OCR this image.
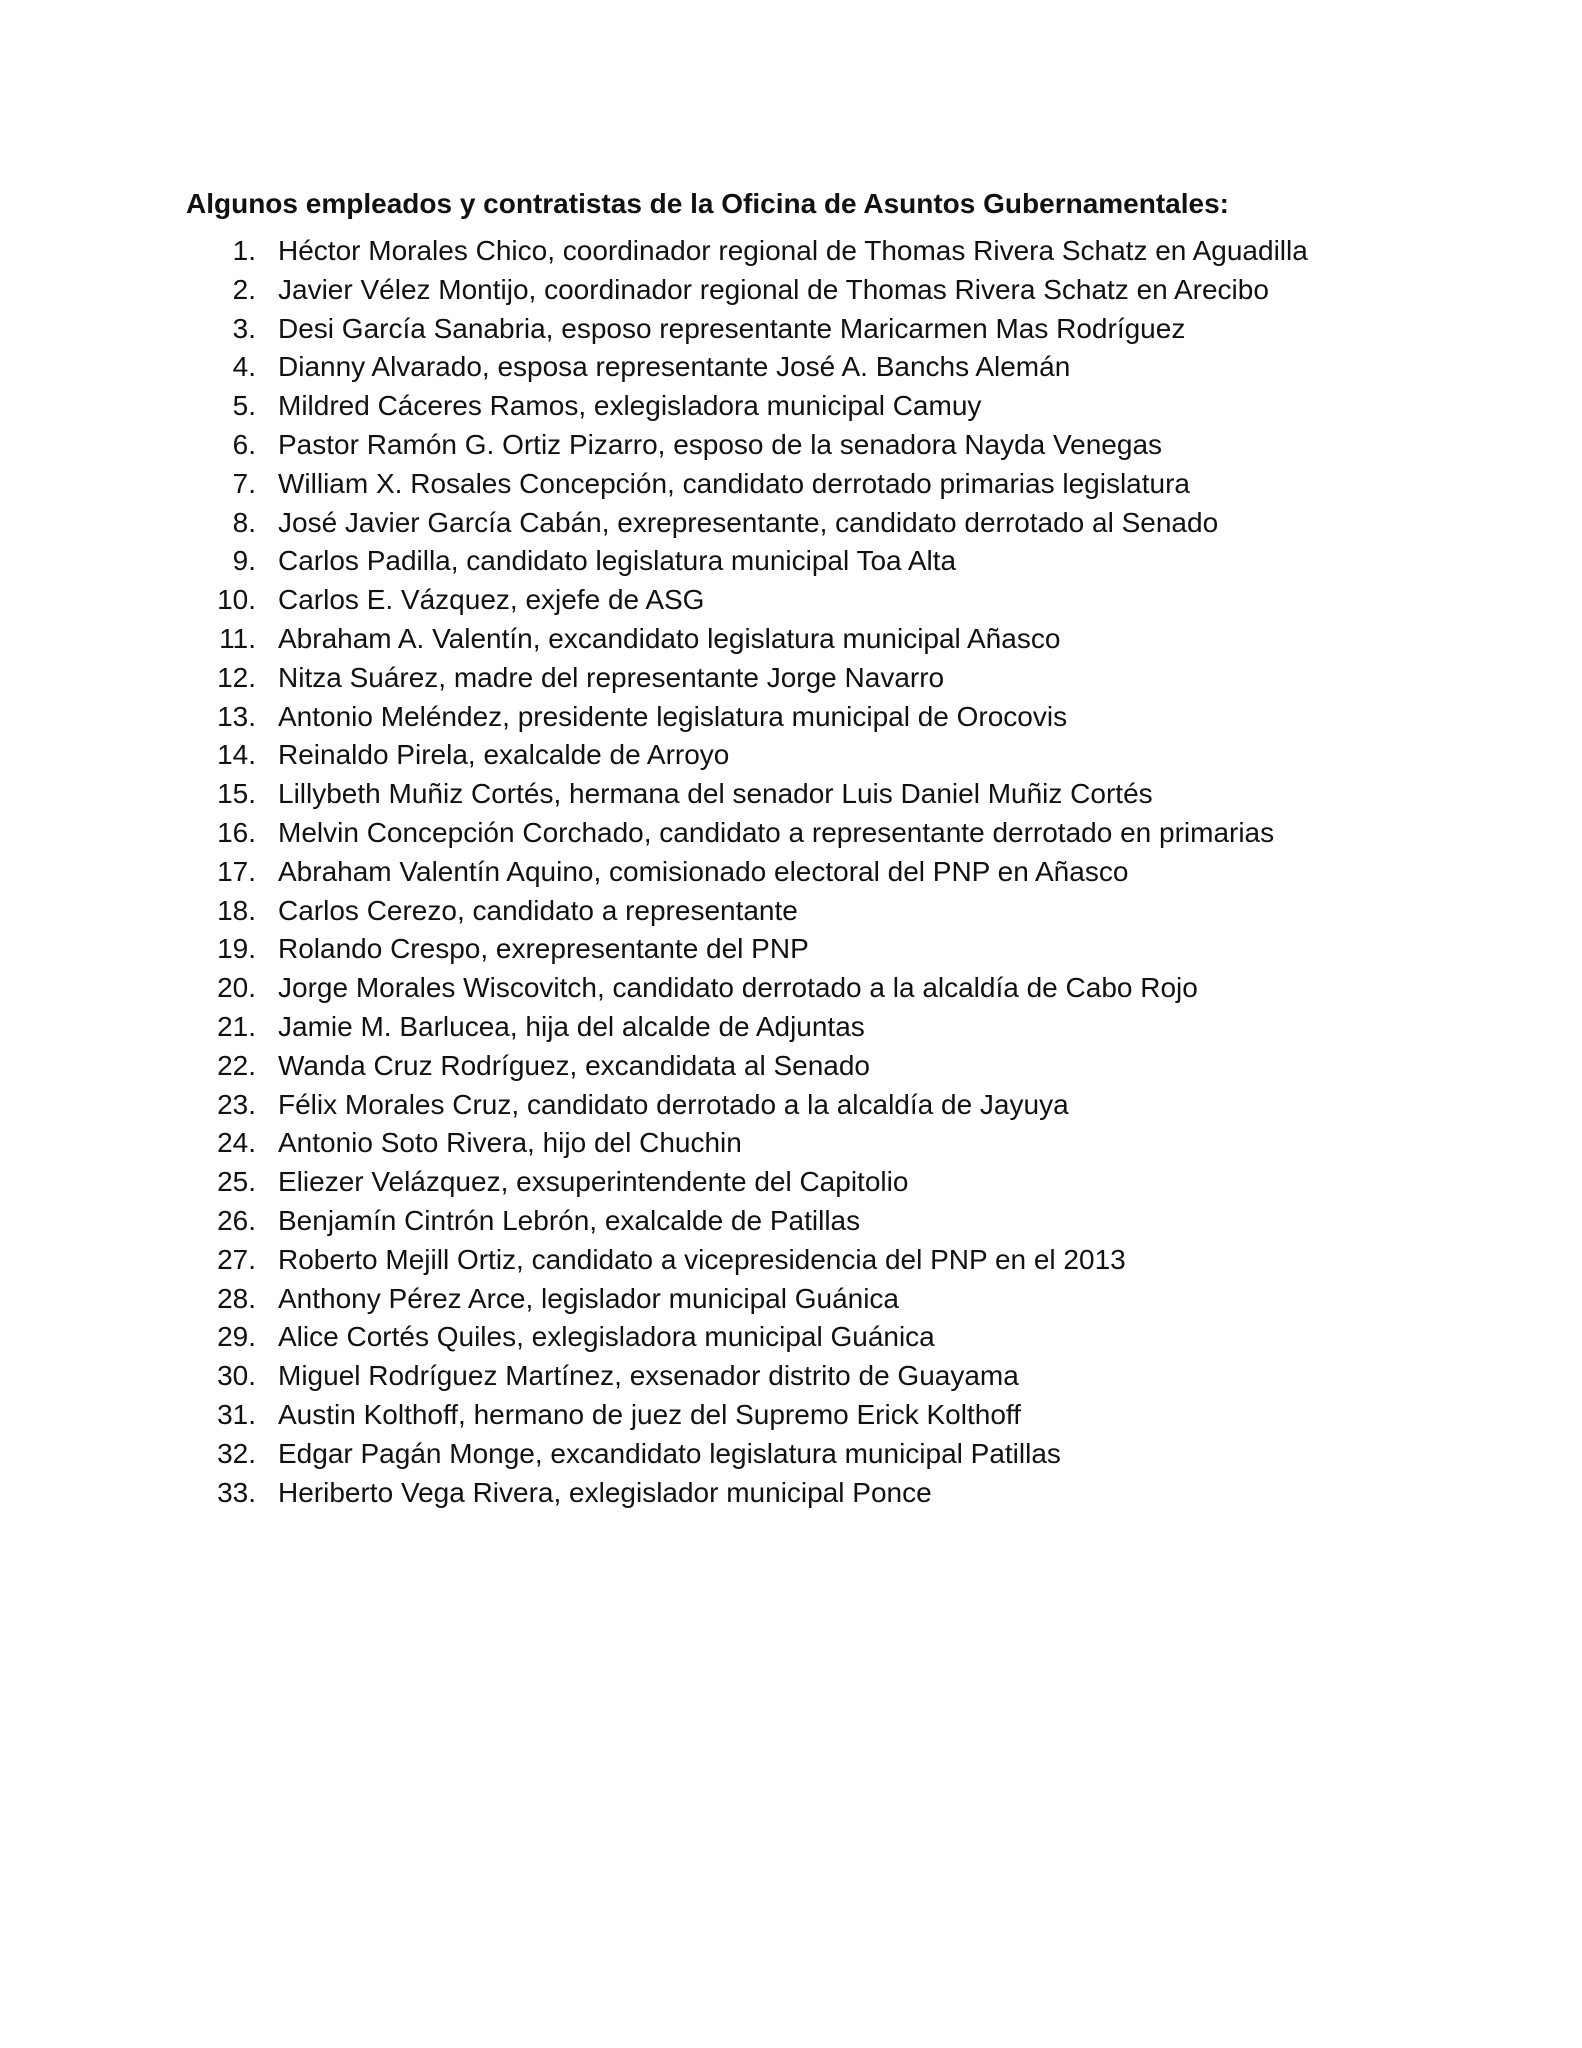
Algunos empleados y contratistas de la Oficina de Asuntos Gubernamentales:
1. Héctor Morales Chico, coordinador regional de Thomas Rivera Schatz en Aguadilla
2. Javier Vélez Montijo, coordinador regional de Thomas Rivera Schatz en Arecibo
3. Desi García Sanabria, esposo representante Maricarmen Mas Rodríguez
4. Dianny Alvarado, esposa representante José A. Banchs Alemán
5. Mildred Cáceres Ramos, exlegisladora municipal Camuy
6. Pastor Ramón G. Ortiz Pizarro, esposo de la senadora Nayda Venegas
7. William X. Rosales Concepción, candidato derrotado primarias legislatura
8. José Javier García Cabán, exrepresentante, candidato derrotado al Senado
9. Carlos Padilla, candidato legislatura municipal Toa Alta
10. Carlos E. Vázquez, exjefe de ASG
11. Abraham A. Valentín, excandidato legislatura municipal Añasco
12. Nitza Suárez, madre del representante Jorge Navarro
13. Antonio Meléndez, presidente legislatura municipal de Orocovis
14. Reinaldo Pirela, exalcalde de Arroyo
15. Lillybeth Muñiz Cortés, hermana del senador Luis Daniel Muñiz Cortés
16. Melvin Concepción Corchado, candidato a representante derrotado en primarias
17. Abraham Valentín Aquino, comisionado electoral del PNP en Añasco
18. Carlos Cerezo, candidato a representante
19. Rolando Crespo, exrepresentante del PNP
20. Jorge Morales Wiscovitch, candidato derrotado a la alcaldía de Cabo Rojo
21. Jamie M. Barlucea, hija del alcalde de Adjuntas
22. Wanda Cruz Rodríguez, excandidata al Senado
23. Félix Morales Cruz, candidato derrotado a la alcaldía de Jayuya
24. Antonio Soto Rivera, hijo del Chuchin
25. Eliezer Velázquez, exsuperintendente del Capitolio
26. Benjamín Cintrón Lebrón, exalcalde de Patillas
27. Roberto Mejill Ortiz, candidato a vicepresidencia del PNP en el 2013
28. Anthony Pérez Arce, legislador municipal Guánica
29. Alice Cortés Quiles, exlegisladora municipal Guánica
30. Miguel Rodríguez Martínez, exsenador distrito de Guayama
31. Austin Kolthoff, hermano de juez del Supremo Erick Kolthoff
32. Edgar Pagán Monge, excandidato legislatura municipal Patillas
33. Heriberto Vega Rivera, exlegislador municipal Ponce
